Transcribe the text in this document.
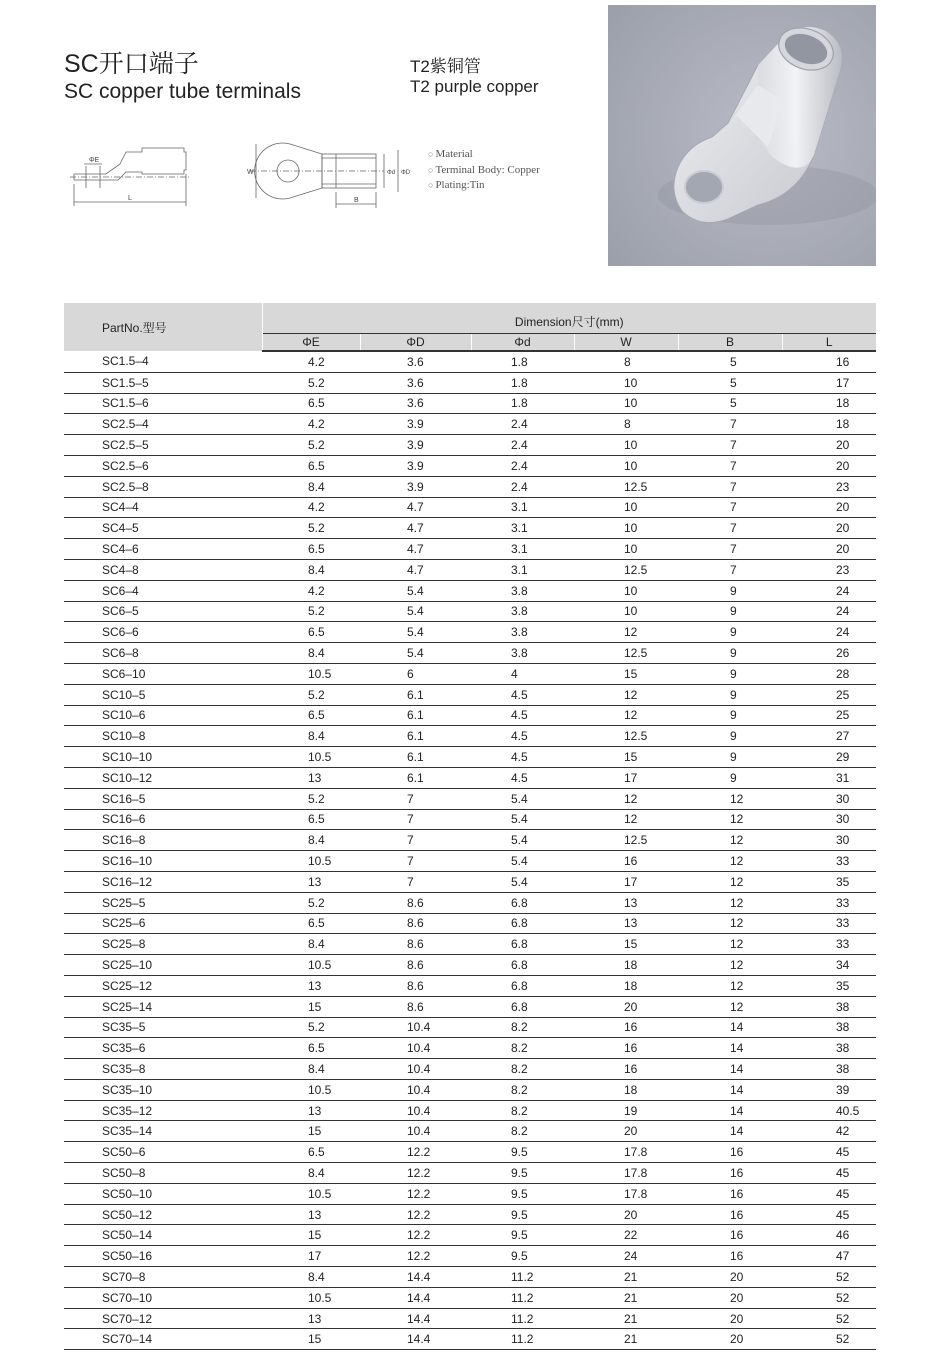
SC开口端子
SC copper tube terminals
T2紫铜管
T2 purple copper
ΦE
L
W
B
Φd ΦD
○ Material
○ Terminal Body: Copper
○ Plating:Tin
PartNo.型号	Dimension尺寸(mm)					
	ΦE	ΦD	Φd	W	B	L
SC1.5–4	4.2	3.6	1.8	8	5	16
SC1.5–5	5.2	3.6	1.8	10	5	17
SC1.5–6	6.5	3.6	1.8	10	5	18
SC2.5–4	4.2	3.9	2.4	8	7	18
SC2.5–5	5.2	3.9	2.4	10	7	20
SC2.5–6	6.5	3.9	2.4	10	7	20
SC2.5–8	8.4	3.9	2.4	12.5	7	23
SC4–4	4.2	4.7	3.1	10	7	20
SC4–5	5.2	4.7	3.1	10	7	20
SC4–6	6.5	4.7	3.1	10	7	20
SC4–8	8.4	4.7	3.1	12.5	7	23
SC6–4	4.2	5.4	3.8	10	9	24
SC6–5	5.2	5.4	3.8	10	9	24
SC6–6	6.5	5.4	3.8	12	9	24
SC6–8	8.4	5.4	3.8	12.5	9	26
SC6–10	10.5	6	4	15	9	28
SC10–5	5.2	6.1	4.5	12	9	25
SC10–6	6.5	6.1	4.5	12	9	25
SC10–8	8.4	6.1	4.5	12.5	9	27
SC10–10	10.5	6.1	4.5	15	9	29
SC10–12	13	6.1	4.5	17	9	31
SC16–5	5.2	7	5.4	12	12	30
SC16–6	6.5	7	5.4	12	12	30
SC16–8	8.4	7	5.4	12.5	12	30
SC16–10	10.5	7	5.4	16	12	33
SC16–12	13	7	5.4	17	12	35
SC25–5	5.2	8.6	6.8	13	12	33
SC25–6	6.5	8.6	6.8	13	12	33
SC25–8	8.4	8.6	6.8	15	12	33
SC25–10	10.5	8.6	6.8	18	12	34
SC25–12	13	8.6	6.8	18	12	35
SC25–14	15	8.6	6.8	20	12	38
SC35–5	5.2	10.4	8.2	16	14	38
SC35–6	6.5	10.4	8.2	16	14	38
SC35–8	8.4	10.4	8.2	16	14	38
SC35–10	10.5	10.4	8.2	18	14	39
SC35–12	13	10.4	8.2	19	14	40.5
SC35–14	15	10.4	8.2	20	14	42
SC50–6	6.5	12.2	9.5	17.8	16	45
SC50–8	8.4	12.2	9.5	17.8	16	45
SC50–10	10.5	12.2	9.5	17.8	16	45
SC50–12	13	12.2	9.5	20	16	45
SC50–14	15	12.2	9.5	22	16	46
SC50–16	17	12.2	9.5	24	16	47
SC70–8	8.4	14.4	11.2	21	20	52
SC70–10	10.5	14.4	11.2	21	20	52
SC70–12	13	14.4	11.2	21	20	52
SC70–14	15	14.4	11.2	21	20	52
